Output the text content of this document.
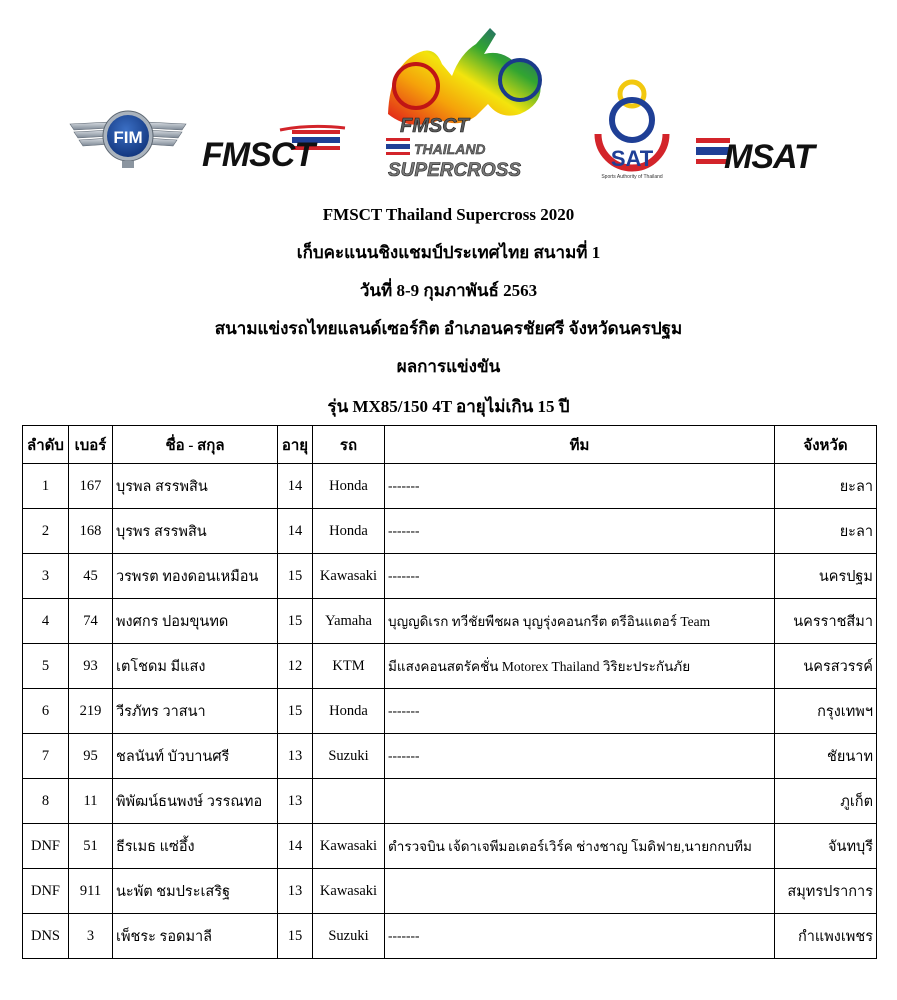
FIM FMSCT
FMSCT
THAILAND
SUPERCROSS	SAT
Sports Authority of Thailand
MSAT
FMSCT Thailand Supercross 2020
เก็บคะแนนชิงแชมป์ประเทศไทย สนามที่ 1
วันที่ 8-9 กุมภาพันธ์ 2563
สนามแข่งรถไทยแลนด์เซอร์กิต อำเภอนครชัยศรี จังหวัดนครปฐม
ผลการแข่งขัน
รุ่น MX85/150 4T อายุไม่เกิน 15 ปี
ลำดับ	เบอร์	ชื่อ - สกุล	อายุ	รถ	ทีม	จังหวัด
1	167	บุรพล สรรพสิน	14	Honda	-------	ยะลา
2	168	บุรพร สรรพสิน	14	Honda	-------	ยะลา
3	45	วรพรต ทองดอนเหมือน	15	Kawasaki	-------	นครปฐม
4	74	พงศกร ปอมขุนทด	15	Yamaha	บุญญดิเรก ทวีชัยพืชผล บุญรุ่งคอนกรีต ตรีอินแตอร์ Team	นครราชสีมา
5	93	เตโชดม มีแสง	12	KTM	มีแสงคอนสตรัคชั่น Motorex Thailand วิริยะประกันภัย	นครสวรรค์
6	219	วีรภัทร วาสนา	15	Honda	-------	กรุงเทพฯ
7	95	ชลนันท์ บัวบานศรี	13	Suzuki	-------	ชัยนาท
8	11	พิพัฒน์ธนพงษ์ วรรณทอ	13			ภูเก็ต
DNF	51	ธีรเมธ แซ่อึ้ง	14	Kawasaki	ตำรวจบิน เจ้ดาเจพีมอเตอร์เวิร์ค ช่างชาญ โมดิฟาย,นายกกบทีม	จันทบุรี
DNF	911	นะพัต ชมประเสริฐ	13	Kawasaki		สมุทรปราการ
DNS	3	เพ็ชระ รอดมาลี	15	Suzuki	-------	กำแพงเพชร
